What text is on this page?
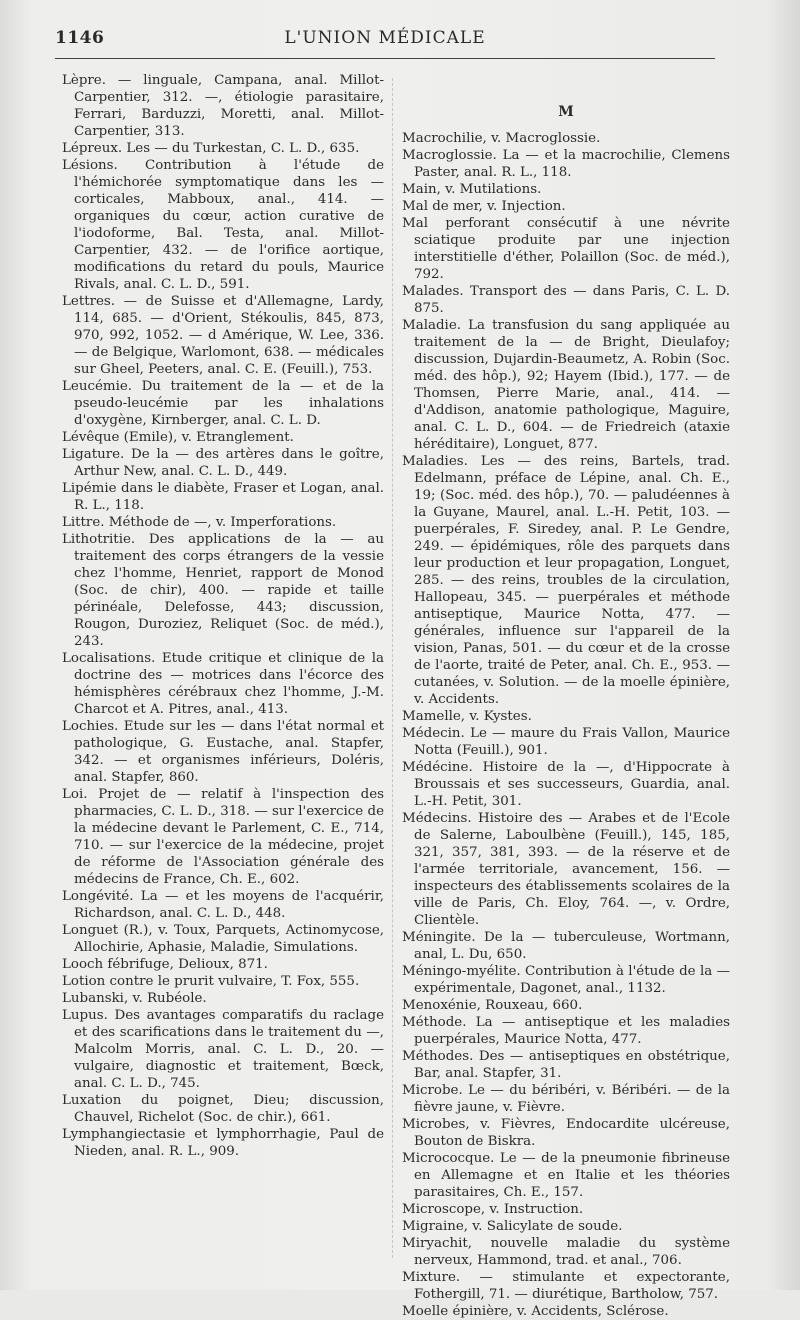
1146	L'UNION MÉDICALE

Lèpre. — linguale, Campana, anal. Millot-Carpentier, 312. —, étiologie parasitaire, Ferrari, Barduzzi, Moretti, anal. Millot-Carpentier, 313.

Lépreux. Les — du Turkestan, C. L. D., 635.

Lésions. Contribution à l'étude de l'hémichorée symptomatique dans les — corticales, Mabboux, anal., 414. — organiques du cœur, action curative de l'iodoforme, Bal. Testa, anal. Millot-Carpentier, 432. — de l'orifice aortique, modifications du retard du pouls, Maurice Rivals, anal. C. L. D., 591.

Lettres. — de Suisse et d'Allemagne, Lardy, 114, 685. — d'Orient, Stékoulis, 845, 873, 970, 992, 1052. — d Amérique, W. Lee, 336. — de Belgique, Warlomont, 638. — médicales sur Gheel, Peeters, anal. C. E. (Feuill.), 753.

Leucémie. Du traitement de la — et de la pseudo-leucémie par les inhalations d'oxygène, Kirnberger, anal. C. L. D.

Lévêque (Emile), v. Etranglement.

Ligature. De la — des artères dans le goître, Arthur New, anal. C. L. D., 449.

Lipémie dans le diabète, Fraser et Logan, anal. R. L., 118.

Littre. Méthode de —, v. Imperforations.

Lithotritie. Des applications de la — au traitement des corps étrangers de la vessie chez l'homme, Henriet, rapport de Monod (Soc. de chir), 400. — rapide et taille périnéale, Delefosse, 443; discussion, Rougon, Duroziez, Reliquet (Soc. de méd.), 243.

Localisations. Etude critique et clinique de la doctrine des — motrices dans l'écorce des hémisphères cérébraux chez l'homme, J.-M. Charcot et A. Pitres, anal., 413.

Lochies. Etude sur les — dans l'état normal et pathologique, G. Eustache, anal. Stapfer, 342. — et organismes inférieurs, Doléris, anal. Stapfer, 860.

Loi. Projet de — relatif à l'inspection des pharmacies, C. L. D., 318. — sur l'exercice de la médecine devant le Parlement, C. E., 714, 710. — sur l'exercice de la médecine, projet de réforme de l'Association générale des médecins de France, Ch. E., 602.

Longévité. La — et les moyens de l'acquérir, Richardson, anal. C. L. D., 448.

Longuet (R.), v. Toux, Parquets, Actinomycose, Allochirie, Aphasie, Maladie, Simulations.

Looch fébrifuge, Delioux, 871.

Lotion contre le prurit vulvaire, T. Fox, 555.

Lubanski, v. Rubéole.

Lupus. Des avantages comparatifs du raclage et des scarifications dans le traitement du —, Malcolm Morris, anal. C. L. D., 20. — vulgaire, diagnostic et traitement, Bœck, anal. C. L. D., 745.

Luxation du poignet, Dieu; discussion, Chauvel, Richelot (Soc. de chir.), 661.

Lymphangiectasie et lymphorrhagie, Paul de Nieden, anal. R. L., 909.

M

Macrochilie, v. Macroglossie.

Macroglossie. La — et la macrochilie, Clemens Paster, anal. R. L., 118.

Main, v. Mutilations.

Mal de mer, v. Injection.

Mal perforant consécutif à une névrite sciatique produite par une injection interstitielle d'éther, Polaillon (Soc. de méd.), 792.

Malades. Transport des — dans Paris, C. L. D. 875.

Maladie. La transfusion du sang appliquée au traitement de la — de Bright, Dieulafoy; discussion, Dujardin-Beaumetz, A. Robin (Soc. méd. des hôp.), 92; Hayem (Ibid.), 177. — de Thomsen, Pierre Marie, anal., 414. — d'Addison, anatomie pathologique, Maguire, anal. C. L. D., 604. — de Friedreich (ataxie héréditaire), Longuet, 877.

Maladies. Les — des reins, Bartels, trad. Edelmann, préface de Lépine, anal. Ch. E., 19; (Soc. méd. des hôp.), 70. — paludéennes à la Guyane, Maurel, anal. L.-H. Petit, 103. — puerpérales, F. Siredey, anal. P. Le Gendre, 249. — épidémiques, rôle des parquets dans leur production et leur propagation, Longuet, 285. — des reins, troubles de la circulation, Hallopeau, 345. — puerpérales et méthode antiseptique, Maurice Notta, 477. — générales, influence sur l'appareil de la vision, Panas, 501. — du cœur et de la crosse de l'aorte, traité de Peter, anal. Ch. E., 953. — cutanées, v. Solution. — de la moelle épinière, v. Accidents.

Mamelle, v. Kystes.

Médecin. Le — maure du Frais Vallon, Maurice Notta (Feuill.), 901.

Médécine. Histoire de la —, d'Hippocrate à Broussais et ses successeurs, Guardia, anal. L.-H. Petit, 301.

Médecins. Histoire des — Arabes et de l'Ecole de Salerne, Laboulbène (Feuill.), 145, 185, 321, 357, 381, 393. — de la réserve et de l'armée territoriale, avancement, 156. — inspecteurs des établissements scolaires de la ville de Paris, Ch. Eloy, 764. —, v. Ordre, Clientèle.

Méningite. De la — tuberculeuse, Wortmann, anal, L. Du, 650.

Méningo-myélite. Contribution à l'étude de la — expérimentale, Dagonet, anal., 1132.

Menoxénie, Rouxeau, 660.

Méthode. La — antiseptique et les maladies puerpérales, Maurice Notta, 477.

Méthodes. Des — antiseptiques en obstétrique, Bar, anal. Stapfer, 31.

Microbe. Le — du béribéri, v. Béribéri. — de la fièvre jaune, v. Fièvre.

Microbes, v. Fièvres, Endocardite ulcéreuse, Bouton de Biskra.

Micrococque. Le — de la pneumonie fibrineuse en Allemagne et en Italie et les théories parasitaires, Ch. E., 157.

Microscope, v. Instruction.

Migraine, v. Salicylate de soude.

Miryachit, nouvelle maladie du système nerveux, Hammond, trad. et anal., 706.

Mixture. — stimulante et expectorante, Fothergill, 71. — diurétique, Bartholow, 757.

Moelle épinière, v. Accidents, Sclérose.
